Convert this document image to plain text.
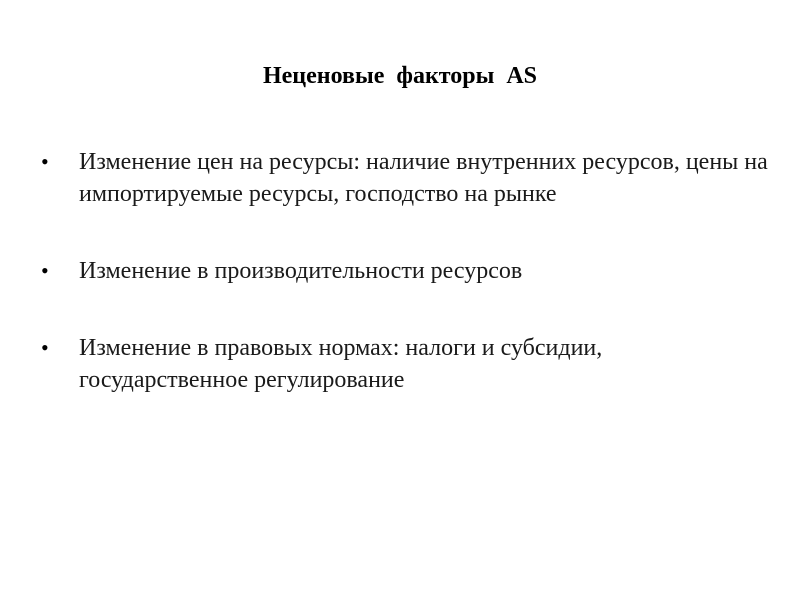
Неценовые  факторы  AS
• Изменение цен на ресурсы: наличие внутренних ресурсов, цены на импортируемые ресурсы, господство на рынке
• Изменение в производительности ресурсов
• Изменение в правовых нормах: налоги и субсидии, государственное регулирование
